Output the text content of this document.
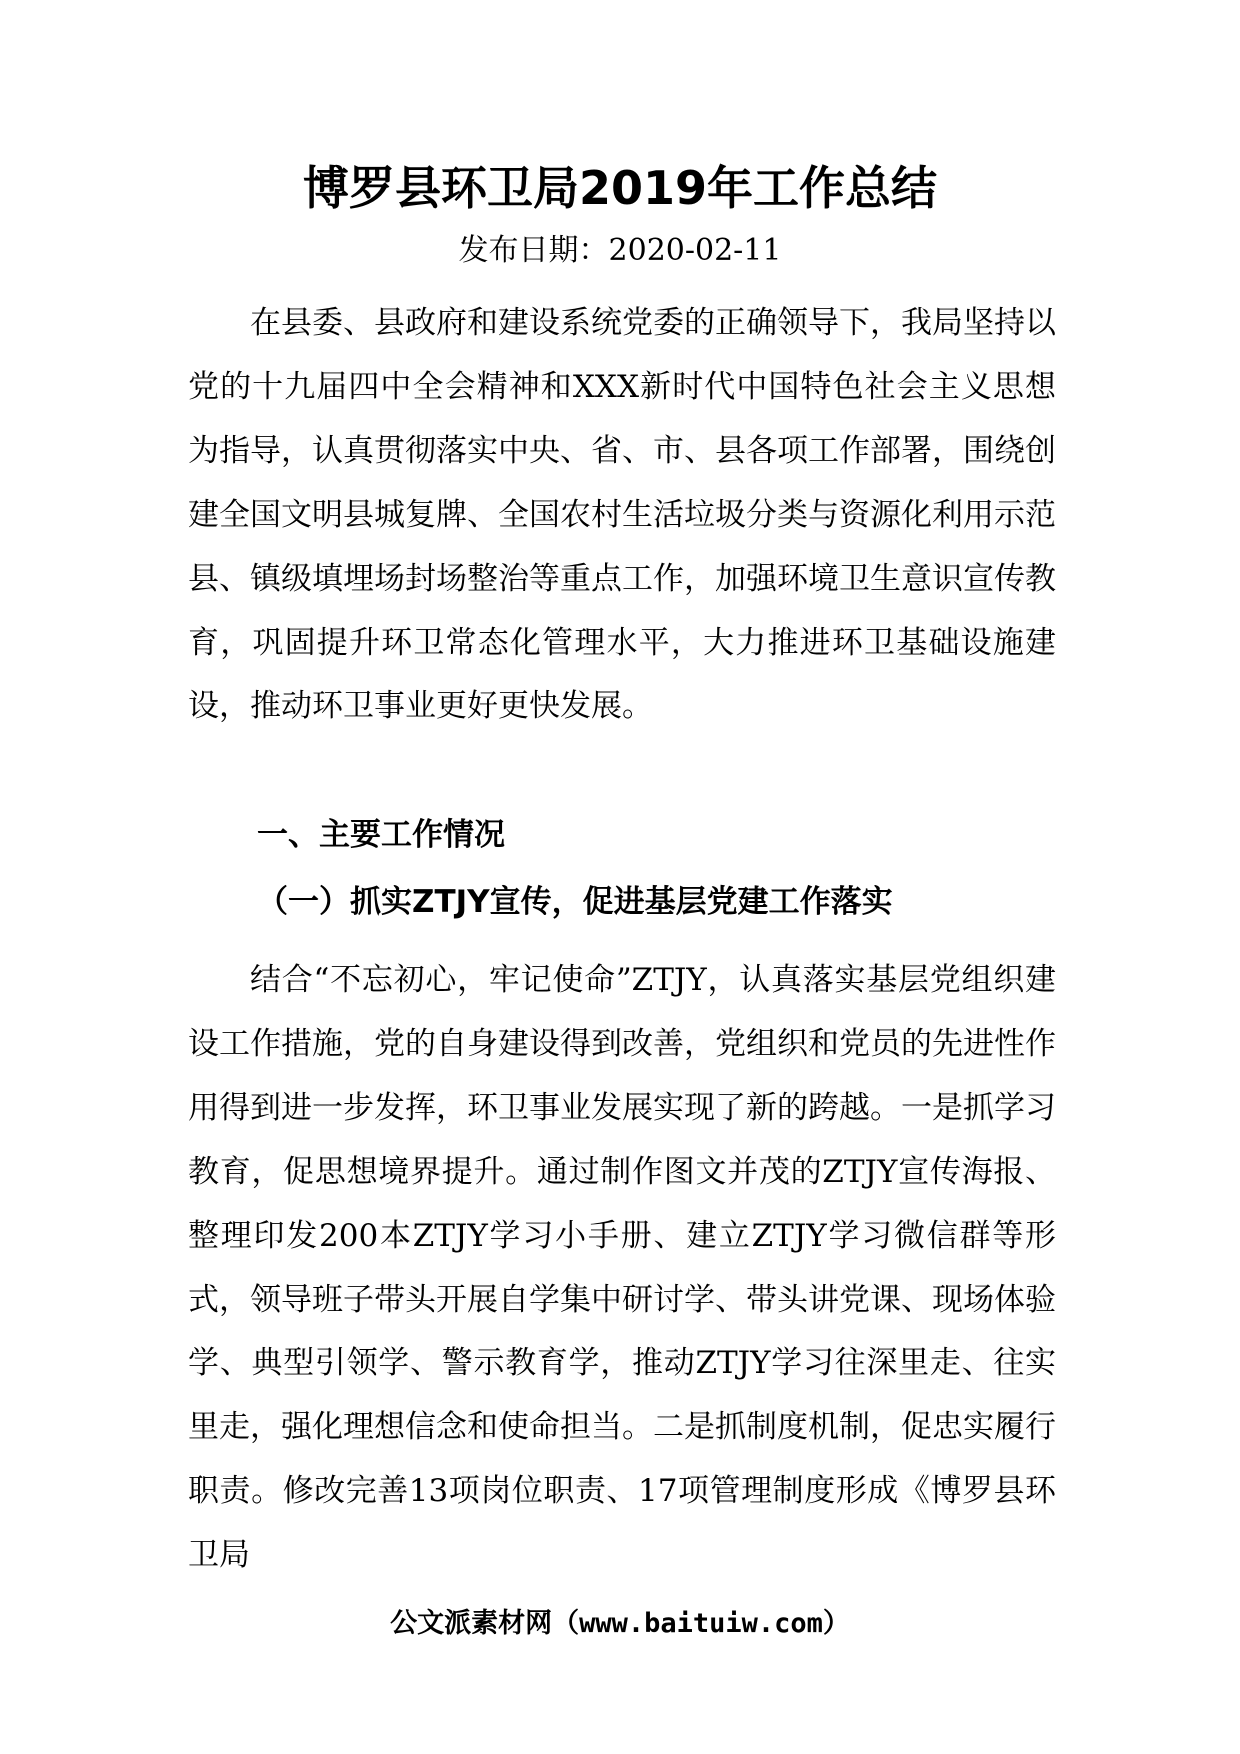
博罗县环卫局2019年工作总结
发布日期：2020-02-11

在县委、县政府和建设系统党委的正确领导下，我局坚持以党的十九届四中全会精神和XXX新时代中国特色社会主义思想为指导，认真贯彻落实中央、省、市、县各项工作部署，围绕创建全国文明县城复牌、全国农村生活垃圾分类与资源化利用示范县、镇级填埋场封场整治等重点工作，加强环境卫生意识宣传教育，巩固提升环卫常态化管理水平，大力推进环卫基础设施建设，推动环卫事业更好更快发展。

一、主要工作情况
（一）抓实ZTJY宣传，促进基层党建工作落实

结合“不忘初心，牢记使命”ZTJY，认真落实基层党组织建设工作措施，党的自身建设得到改善，党组织和党员的先进性作用得到进一步发挥，环卫事业发展实现了新的跨越。一是抓学习教育，促思想境界提升。通过制作图文并茂的ZTJY宣传海报、整理印发200本ZTJY学习小手册、建立ZTJY学习微信群等形式，领导班子带头开展自学集中研讨学、带头讲党课、现场体验学、典型引领学、警示教育学，推动ZTJY学习往深里走、往实里走，强化理想信念和使命担当。二是抓制度机制，促忠实履行职责。修改完善13项岗位职责、17项管理制度形成《博罗县环卫局

公文派素材网（www.baituiw.com）
